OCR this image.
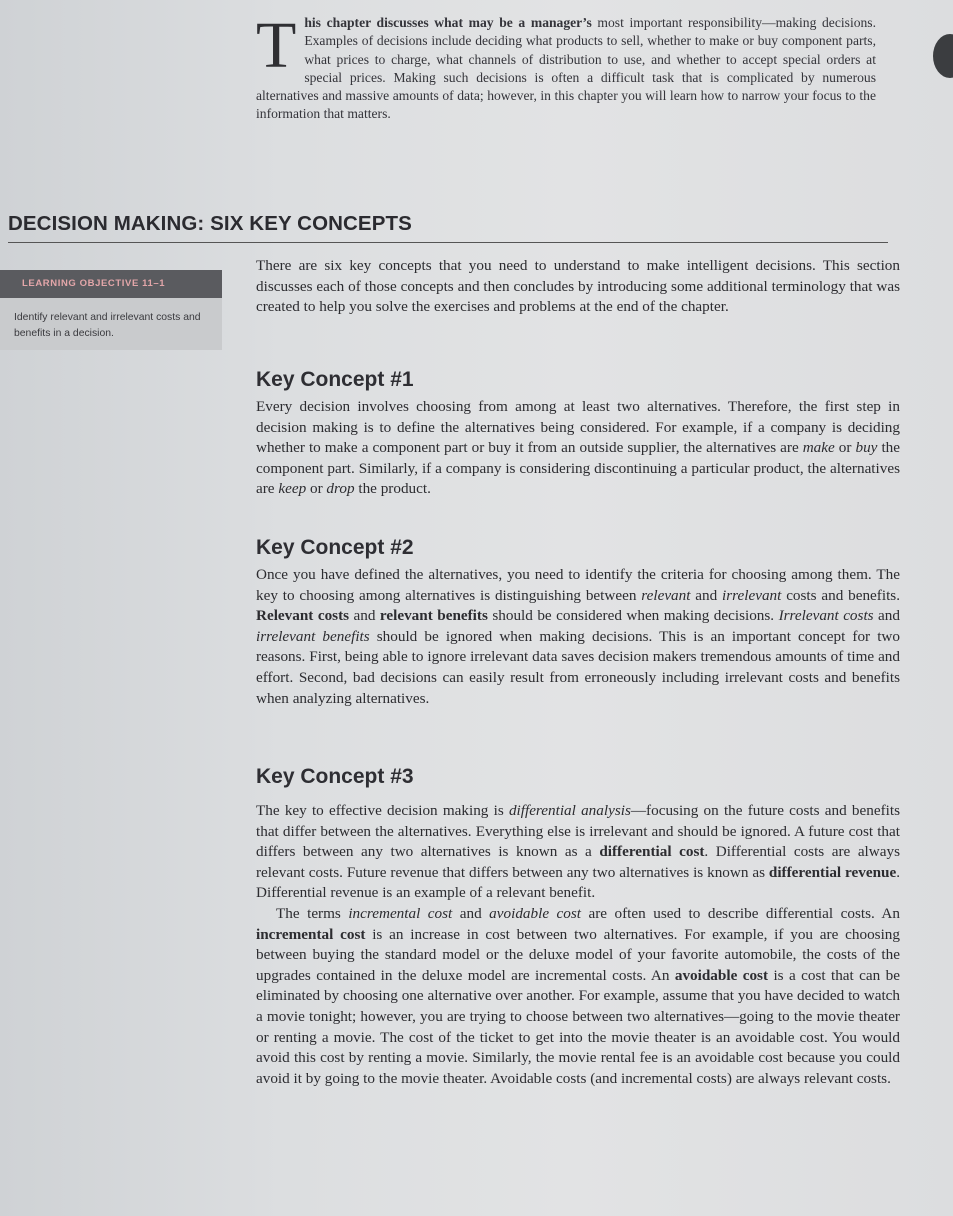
This chapter discusses what may be a manager’s most important responsibility—making decisions. Examples of decisions include deciding what products to sell, whether to make or buy component parts, what prices to charge, what channels of distribution to use, and whether to accept special orders at special prices. Making such decisions is often a difficult task that is complicated by numerous alternatives and massive amounts of data; however, in this chapter you will learn how to narrow your focus to the information that matters.
DECISION MAKING: SIX KEY CONCEPTS
LEARNING OBJECTIVE 11–1
Identify relevant and irrelevant costs and benefits in a decision.

There are six key concepts that you need to understand to make intelligent decisions. This section discusses each of those concepts and then concludes by introducing some additional terminology that was created to help you solve the exercises and problems at the end of the chapter.

Key Concept #1

Every decision involves choosing from among at least two alternatives. Therefore, the first step in decision making is to define the alternatives being considered. For example, if a company is deciding whether to make a component part or buy it from an outside supplier, the alternatives are make or buy the component part. Similarly, if a company is considering discontinuing a particular product, the alternatives are keep or drop the product.

Key Concept #2

Once you have defined the alternatives, you need to identify the criteria for choosing among them. The key to choosing among alternatives is distinguishing between relevant and irrelevant costs and benefits. Relevant costs and relevant benefits should be considered when making decisions. Irrelevant costs and irrelevant benefits should be ignored when making decisions. This is an important concept for two reasons. First, being able to ignore irrelevant data saves decision makers tremendous amounts of time and effort. Second, bad decisions can easily result from erroneously including irrelevant costs and benefits when analyzing alternatives.

Key Concept #3

The key to effective decision making is differential analysis—focusing on the future costs and benefits that differ between the alternatives. Everything else is irrelevant and should be ignored. A future cost that differs between any two alternatives is known as a differential cost. Differential costs are always relevant costs. Future revenue that differs between any two alternatives is known as differential revenue. Differential revenue is an example of a relevant benefit.

The terms incremental cost and avoidable cost are often used to describe differential costs. An incremental cost is an increase in cost between two alternatives. For example, if you are choosing between buying the standard model or the deluxe model of your favorite automobile, the costs of the upgrades contained in the deluxe model are incremental costs. An avoidable cost is a cost that can be eliminated by choosing one alternative over another. For example, assume that you have decided to watch a movie tonight; however, you are trying to choose between two alternatives—going to the movie theater or renting a movie. The cost of the ticket to get into the movie theater is an avoidable cost. You would avoid this cost by renting a movie. Similarly, the movie rental fee is an avoidable cost because you could avoid it by going to the movie theater. Avoidable costs (and incremental costs) are always relevant costs.
